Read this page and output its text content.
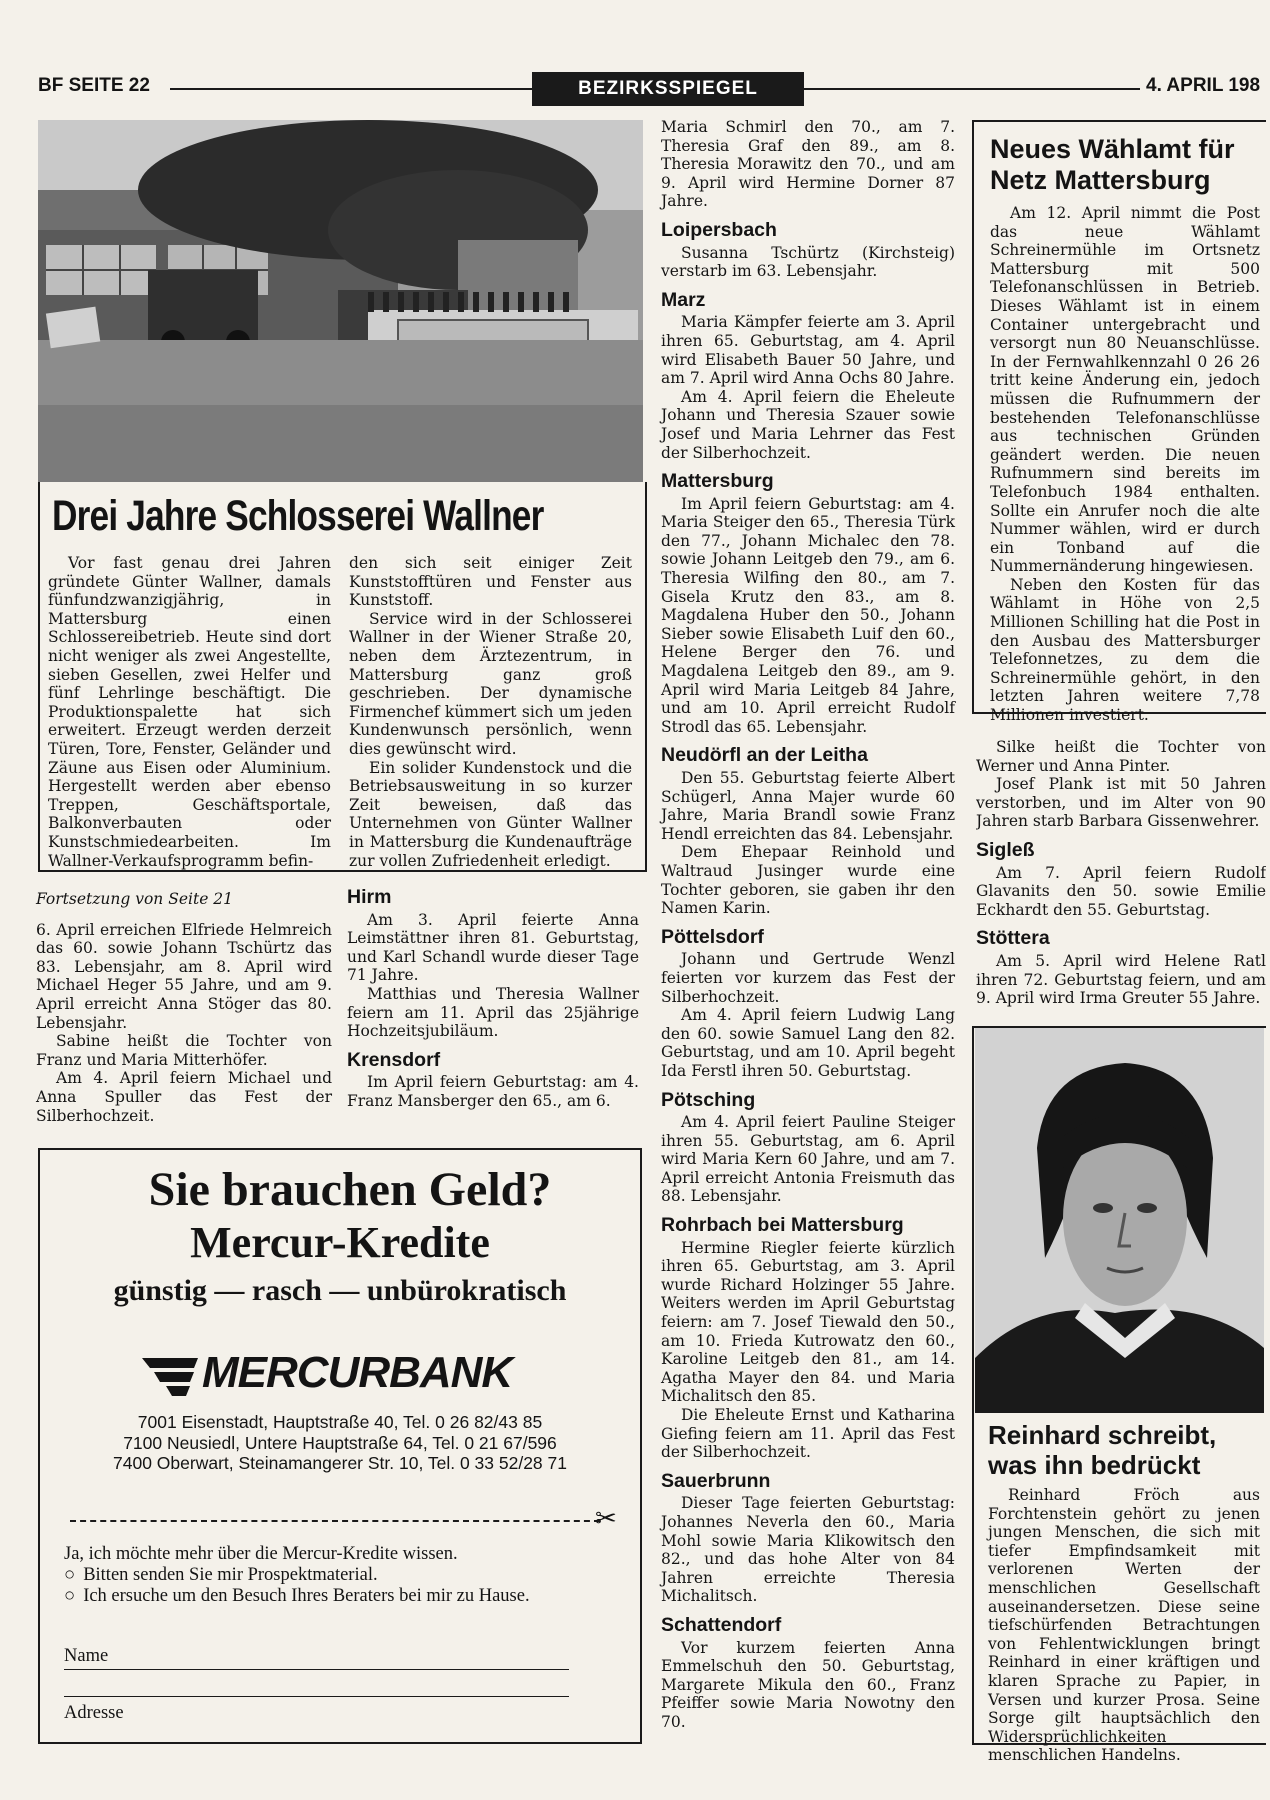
BF SEITE 22	BEZIRKSSPIEGEL	4. APRIL 198
Drei Jahre Schlosserei Wallner

Vor fast genau drei Jahren gründete Günter Wallner, damals fünfundzwanzigjährig, in Mattersburg einen Schlossereibetrieb. Heute sind dort nicht weniger als zwei Angestellte, sieben Gesellen, zwei Helfer und fünf Lehrlinge beschäftigt. Die Produktionspalette hat sich erweitert. Erzeugt werden derzeit Türen, Tore, Fenster, Geländer und Zäune aus Eisen oder Aluminium. Hergestellt werden aber ebenso Treppen, Geschäftsportale, Balkonverbauten oder Kunstschmiedearbeiten. Im Wallner-Verkaufsprogramm befin-

den sich seit einiger Zeit Kunststofftüren und Fenster aus Kunststoff.

Service wird in der Schlosserei Wallner in der Wiener Straße 20, neben dem Ärztezentrum, in Mattersburg ganz groß geschrieben. Der dynamische Firmenchef kümmert sich um jeden Kundenwunsch persönlich, wenn dies gewünscht wird.

Ein solider Kundenstock und die Betriebsausweitung in so kurzer Zeit beweisen, daß das Unternehmen von Günter Wallner in Mattersburg die Kundenaufträge zur vollen Zufriedenheit erledigt.

Fortsetzung von Seite 21

6. April erreichen Elfriede Helmreich das 60. sowie Johann Tschürtz das 83. Lebensjahr, am 8. April wird Michael Heger 55 Jahre, und am 9. April erreicht Anna Stöger das 80. Lebensjahr.

Sabine heißt die Tochter von Franz und Maria Mitterhöfer.

Am 4. April feiern Michael und Anna Spuller das Fest der Silberhochzeit.

Hirm

Am 3. April feierte Anna Leimstättner ihren 81. Geburtstag, und Karl Schandl wurde dieser Tage 71 Jahre.

Matthias und Theresia Wallner feiern am 11. April das 25jährige Hochzeitsjubiläum.

Krensdorf

Im April feiern Geburtstag: am 4. Franz Mansberger den 65., am 6.

Sie brauchen Geld?
Mercur-Kredite
günstig — rasch — unbürokratisch
MERCURBANK
7001 Eisenstadt, Hauptstraße 40, Tel. 0 26 82/43 85
7100 Neusiedl, Untere Hauptstraße 64, Tel. 0 21 67/596
7400 Oberwart, Steinamangerer Str. 10, Tel. 0 33 52/28 71
✂
Ja, ich möchte mehr über die Mercur-Kredite wissen.
○ Bitten senden Sie mir Prospektmaterial.
○ Ich ersuche um den Besuch Ihres Beraters bei mir zu Hause.
Name
Adresse

Maria Schmirl den 70., am 7. Theresia Graf den 89., am 8. Theresia Morawitz den 70., und am 9. April wird Hermine Dorner 87 Jahre.

Loipersbach

Susanna Tschürtz (Kirchsteig) verstarb im 63. Lebensjahr.

Marz

Maria Kämpfer feierte am 3. April ihren 65. Geburtstag, am 4. April wird Elisabeth Bauer 50 Jahre, und am 7. April wird Anna Ochs 80 Jahre.

Am 4. April feiern die Eheleute Johann und Theresia Szauer sowie Josef und Maria Lehrner das Fest der Silberhochzeit.

Mattersburg

Im April feiern Geburtstag: am 4. Maria Steiger den 65., Theresia Türk den 77., Johann Michalec den 78. sowie Johann Leitgeb den 79., am 6. Theresia Wilfing den 80., am 7. Gisela Krutz den 83., am 8. Magdalena Huber den 50., Johann Sieber sowie Elisabeth Luif den 60., Helene Berger den 76. und Magdalena Leitgeb den 89., am 9. April wird Maria Leitgeb 84 Jahre, und am 10. April erreicht Rudolf Strodl das 65. Lebensjahr.

Neudörfl an der Leitha

Den 55. Geburtstag feierte Albert Schügerl, Anna Majer wurde 60 Jahre, Maria Brandl sowie Franz Hendl erreichten das 84. Lebensjahr.

Dem Ehepaar Reinhold und Waltraud Jusinger wurde eine Tochter geboren, sie gaben ihr den Namen Karin.

Pöttelsdorf

Johann und Gertrude Wenzl feierten vor kurzem das Fest der Silberhochzeit.

Am 4. April feiern Ludwig Lang den 60. sowie Samuel Lang den 82. Geburtstag, und am 10. April begeht Ida Ferstl ihren 50. Geburtstag.

Pötsching

Am 4. April feiert Pauline Steiger ihren 55. Geburtstag, am 6. April wird Maria Kern 60 Jahre, und am 7. April erreicht Antonia Freismuth das 88. Lebensjahr.

Rohrbach bei Mattersburg

Hermine Riegler feierte kürzlich ihren 65. Geburtstag, am 3. April wurde Richard Holzinger 55 Jahre. Weiters werden im April Geburtstag feiern: am 7. Josef Tiewald den 50., am 10. Frieda Kutrowatz den 60., Karoline Leitgeb den 81., am 14. Agatha Mayer den 84. und Maria Michalitsch den 85.

Die Eheleute Ernst und Katharina Giefing feiern am 11. April das Fest der Silberhochzeit.

Sauerbrunn

Dieser Tage feierten Geburtstag: Johannes Neverla den 60., Maria Mohl sowie Maria Klikowitsch den 82., und das hohe Alter von 84 Jahren erreichte Theresia Michalitsch.

Schattendorf

Vor kurzem feierten Anna Emmelschuh den 50. Geburtstag, Margarete Mikula den 60., Franz Pfeiffer sowie Maria Nowotny den 70.

Neues Wählamt für Netz Mattersburg

Am 12. April nimmt die Post das neue Wählamt Schreinermühle im Ortsnetz Mattersburg mit 500 Telefonanschlüssen in Betrieb. Dieses Wählamt ist in einem Container untergebracht und versorgt nun 80 Neuanschlüsse. In der Fernwahlkennzahl 0 26 26 tritt keine Änderung ein, jedoch müssen die Rufnummern der bestehenden Telefonanschlüsse aus technischen Gründen geändert werden. Die neuen Rufnummern sind bereits im Telefonbuch 1984 enthalten. Sollte ein Anrufer noch die alte Nummer wählen, wird er durch ein Tonband auf die Nummernänderung hingewiesen.

Neben den Kosten für das Wählamt in Höhe von 2,5 Millionen Schilling hat die Post in den Ausbau des Mattersburger Telefonnetzes, zu dem die Schreinermühle gehört, in den letzten Jahren weitere 7,78 Millionen investiert.

Silke heißt die Tochter von Werner und Anna Pinter.

Josef Plank ist mit 50 Jahren verstorben, und im Alter von 90 Jahren starb Barbara Gissenwehrer.

Sigleß

Am 7. April feiern Rudolf Glavanits den 50. sowie Emilie Eckhardt den 55. Geburtstag.

Stöttera

Am 5. April wird Helene Ratl ihren 72. Geburtstag feiern, und am 9. April wird Irma Greuter 55 Jahre.

Reinhard schreibt, was ihn bedrückt

Reinhard Fröch aus Forchtenstein gehört zu jenen jungen Menschen, die sich mit tiefer Empfindsamkeit mit verlorenen Werten der menschlichen Gesellschaft auseinandersetzen. Diese seine tiefschürfenden Betrachtungen von Fehlentwicklungen bringt Reinhard in einer kräftigen und klaren Sprache zu Papier, in Versen und kurzer Prosa. Seine Sorge gilt hauptsächlich den Widersprüchlichkeiten menschlichen Handelns.
